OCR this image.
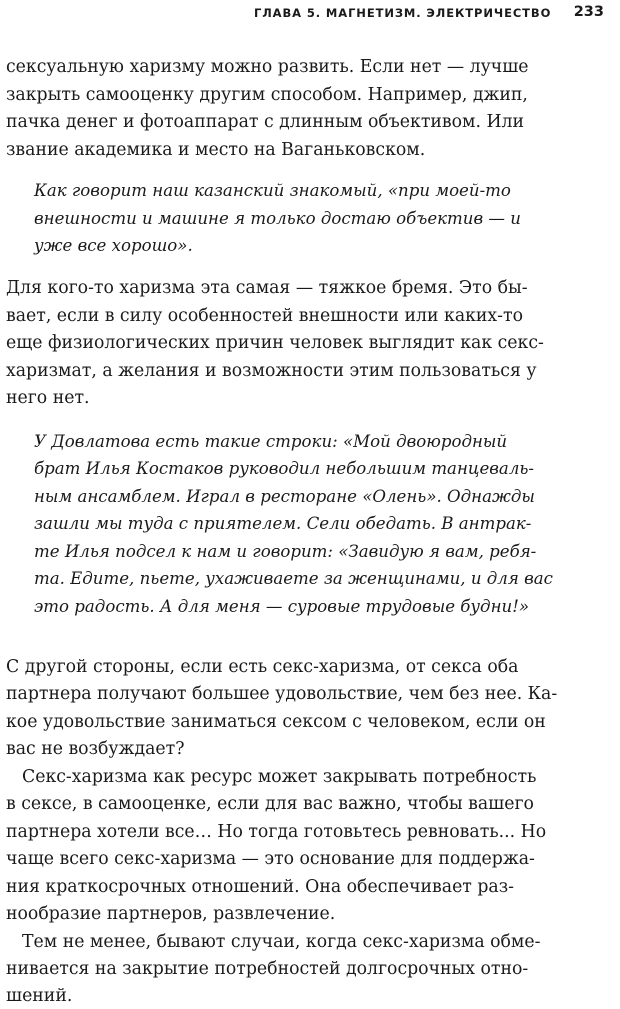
ГЛАВА 5. МАГНЕТИЗМ. ЭЛЕКТРИЧЕСТВО 233
сексуальную харизму можно развить. Если нет — лучше
закрыть самооценку другим способом. Например, джип,
пачка денег и фотоаппарат с длинным объективом. Или
звание академика и место на Ваганьковском.
Как говорит наш казанский знакомый, «при моей-то
внешности и машине я только достаю объектив — и
уже все хорошо».
Для кого-то харизма эта самая — тяжкое бремя. Это бы-
вает, если в силу особенностей внешности или каких-то
еще физиологических причин человек выглядит как секс-
харизмат, а желания и возможности этим пользоваться у
него нет.
У Довлатова есть такие строки: «Мой двоюродный
брат Илья Костаков руководил небольшим танцеваль-
ным ансамблем. Играл в ресторане «Олень». Однажды
зашли мы туда с приятелем. Сели обедать. В антрак-
те Илья подсел к нам и говорит: «Завидую я вам, ребя-
та. Едите, пьете, ухаживаете за женщинами, и для вас
это радость. А для меня — суровые трудовые будни!»
С другой стороны, если есть секс-харизма, от секса оба
партнера получают большее удовольствие, чем без нее. Ка-
кое удовольствие заниматься сексом с человеком, если он
вас не возбуждает?
Секс-харизма как ресурс может закрывать потребность
в сексе, в самооценке, если для вас важно, чтобы вашего
партнера хотели все… Но тогда готовьтесь ревновать... Но
чаще всего секс-харизма — это основание для поддержа-
ния краткосрочных отношений. Она обеспечивает раз-
нообразие партнеров, развлечение.
Тем не менее, бывают случаи, когда секс-харизма обме-
нивается на закрытие потребностей долгосрочных отно-
шений.
